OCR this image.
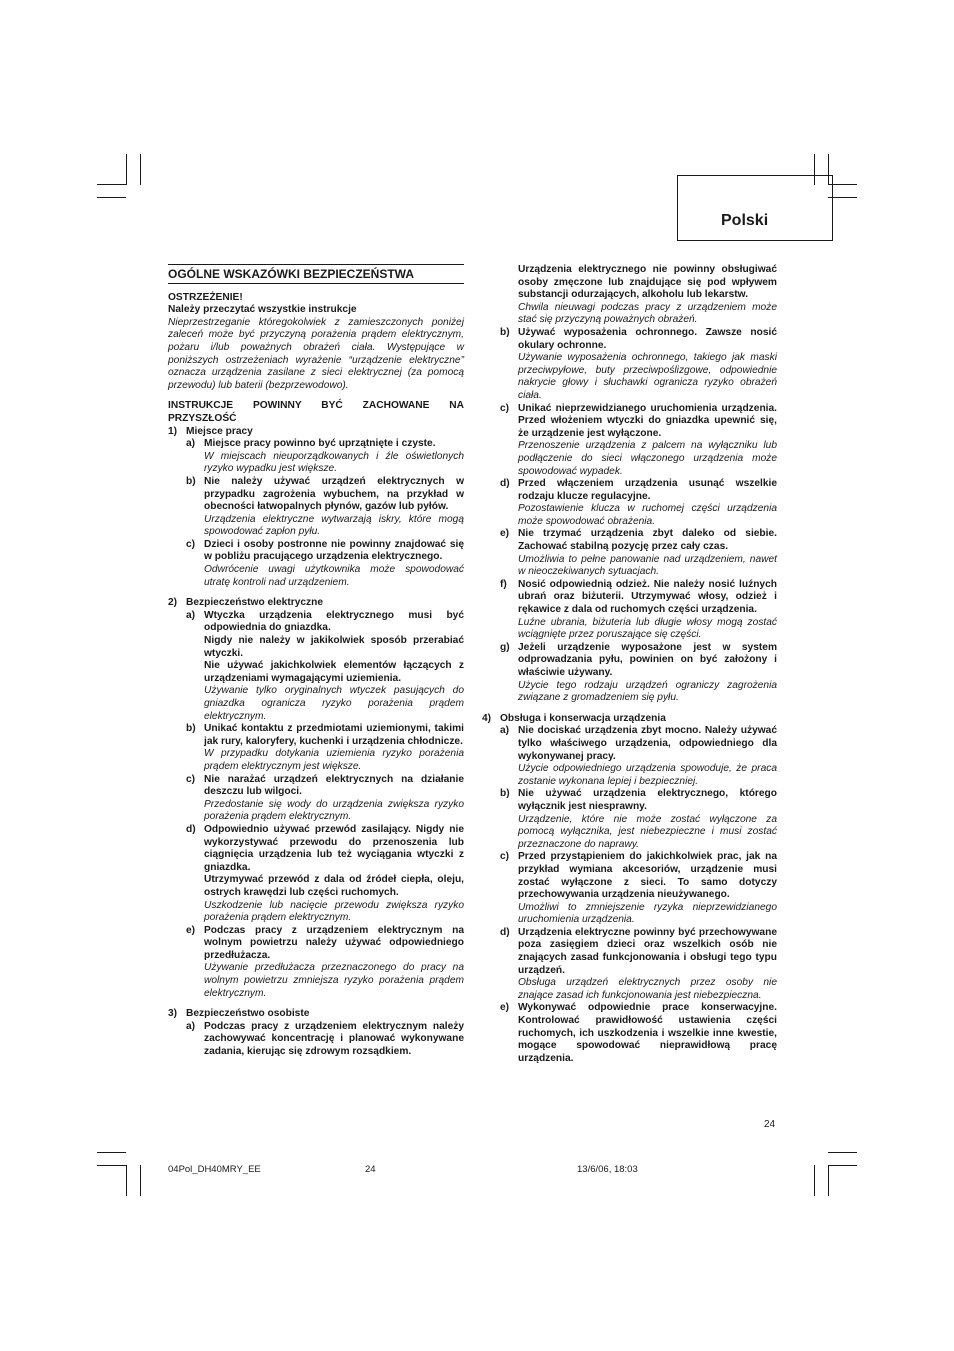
Polski
OGÓLNE WSKAZÓWKI BEZPIECZEŃSTWA
OSTRZEŻENIE!
Należy przeczytać wszystkie instrukcje
Nieprzestrzeganie któregokolwiek z zamieszczonych poniżej zaleceń może być przyczyną porażenia prądem elektrycznym, pożaru i/lub poważnych obrażeń ciała. Występujące w poniższych ostrzeżeniach wyrażenie “urządzenie elektryczne” oznacza urządzenia zasilane z sieci elektrycznej (za pomocą przewodu) lub baterii (bezprzewodowo).
INSTRUKCJE POWINNY BYĆ ZACHOWANE NA PRZYSZŁOŚĆ
1) Miejsce pracy
a) Miejsce pracy powinno być uprzątnięte i czyste.
W miejscach nieuporządkowanych i źle oświetlonych ryzyko wypadku jest większe.
b) Nie należy używać urządzeń elektrycznych w przypadku zagrożenia wybuchem, na przykład w obecności łatwopalnych płynów, gazów lub pyłów.
Urządzenia elektryczne wytwarzają iskry, które mogą spowodować zapłon pyłu.
c) Dzieci i osoby postronne nie powinny znajdować się w pobliżu pracującego urządzenia elektrycznego.
Odwrócenie uwagi użytkownika może spowodować utratę kontroli nad urządzeniem.
2) Bezpieczeństwo elektryczne
a) Wtyczka urządzenia elektrycznego musi być odpowiednia do gniazdka.
Nigdy nie należy w jakikolwiek sposób przerabiać wtyczki.
Nie używać jakichkolwiek elementów łączących z urządzeniami wymagającymi uziemienia.
Używanie tylko oryginalnych wtyczek pasujących do gniazdka ogranicza ryzyko porażenia prądem elektrycznym.
b) Unikać kontaktu z przedmiotami uziemionymi, takimi jak rury, kaloryfery, kuchenki i urządzenia chłodnicze.
W przypadku dotykania uziemienia ryzyko porażenia prądem elektrycznym jest większe.
c) Nie narażać urządzeń elektrycznych na działanie deszczu lub wilgoci.
Przedostanie się wody do urządzenia zwiększa ryzyko porażenia prądem elektrycznym.
d) Odpowiednio używać przewód zasilający. Nigdy nie wykorzystywać przewodu do przenoszenia lub ciągnięcia urządzenia lub też wyciągania wtyczki z gniazdka.
Utrzymywać przewód z dala od źródeł ciepła, oleju, ostrych krawędzi lub części ruchomych.
Uszkodzenie lub nacięcie przewodu zwiększa ryzyko porażenia prądem elektrycznym.
e) Podczas pracy z urządzeniem elektrycznym na wolnym powietrzu należy używać odpowiedniego przedłużacza.
Używanie przedłużacza przeznaczonego do pracy na wolnym powietrzu zmniejsza ryzyko porażenia prądem elektrycznym.
3) Bezpieczeństwo osobiste
a) Podczas pracy z urządzeniem elektrycznym należy zachowywać koncentrację i planować wykonywane zadania, kierując się zdrowym rozsądkiem.
Urządzenia elektrycznego nie powinny obsługiwać osoby zmęczone lub znajdujące się pod wpływem substancji odurzających, alkoholu lub lekarstw.
Chwila nieuwagi podczas pracy z urządzeniem może stać się przyczyną poważnych obrażeń.
b) Używać wyposażenia ochronnego. Zawsze nosić okulary ochronne.
Używanie wyposażenia ochronnego, takiego jak maski przeciwpyłowe, buty przeciwpoślizgowe, odpowiednie nakrycie głowy i słuchawki ogranicza ryzyko obrażeń ciała.
c) Unikać nieprzewidzianego uruchomienia urządzenia. Przed włożeniem wtyczki do gniazdka upewnić się, że urządzenie jest wyłączone.
Przenoszenie urządzenia z palcem na wyłączniku lub podłączenie do sieci włączonego urządzenia może spowodować wypadek.
d) Przed włączeniem urządzenia usunąć wszelkie rodzaju klucze regulacyjne.
Pozostawienie klucza w ruchomej części urządzenia może spowodować obrażenia.
e) Nie trzymać urządzenia zbyt daleko od siebie. Zachować stabilną pozycję przez cały czas.
Umożliwia to pełne panowanie nad urządzeniem, nawet w nieoczekiwanych sytuacjach.
f)	Nosić odpowiednią odzież. Nie należy nosić luźnych ubrań oraz biżuterii. Utrzymywać włosy, odzież i rękawice z dala od ruchomych części urządzenia.
Luźne ubrania, biżuteria lub długie włosy mogą zostać wciągnięte przez poruszające się części.
g) Jeżeli urządzenie wyposażone jest w system odprowadzania pyłu, powinien on być założony i właściwie używany.
Użycie tego rodzaju urządzeń ograniczy zagrożenia związane z gromadzeniem się pyłu.
4) Obsługa i konserwacja urządzenia
a) Nie dociskać urządzenia zbyt mocno. Należy używać tylko właściwego urządzenia, odpowiedniego dla wykonywanej pracy.
Użycie odpowiedniego urządzenia spowoduje, że praca zostanie wykonana lepiej i bezpieczniej.
b) Nie używać urządzenia elektrycznego, którego wyłącznik jest niesprawny.
Urządzenie, które nie może zostać wyłączone za pomocą wyłącznika, jest niebezpieczne i musi zostać przeznaczone do naprawy.
c) Przed przystąpieniem do jakichkolwiek prac, jak na przykład wymiana akcesoriów, urządzenie musi zostać wyłączone z sieci. To samo dotyczy przechowywania urządzenia nieużywanego.
Umożliwi to zmniejszenie ryzyka nieprzewidzianego uruchomienia urządzenia.
d) Urządzenia elektryczne powinny być przechowywane poza zasięgiem dzieci oraz wszelkich osób nie znających zasad funkcjonowania i obsługi tego typu urządzeń.
Obsługa urządzeń elektrycznych przez osoby nie znające zasad ich funkcjonowania jest niebezpieczna.
e) Wykonywać odpowiednie prace konserwacyjne. Kontrolować prawidłowość ustawienia części ruchomych, ich uszkodzenia i wszelkie inne kwestie, mogące spowodować nieprawidłową pracę urządzenia.
24
04Pol_DH40MRY_EE	24	13/6/06, 18:03
